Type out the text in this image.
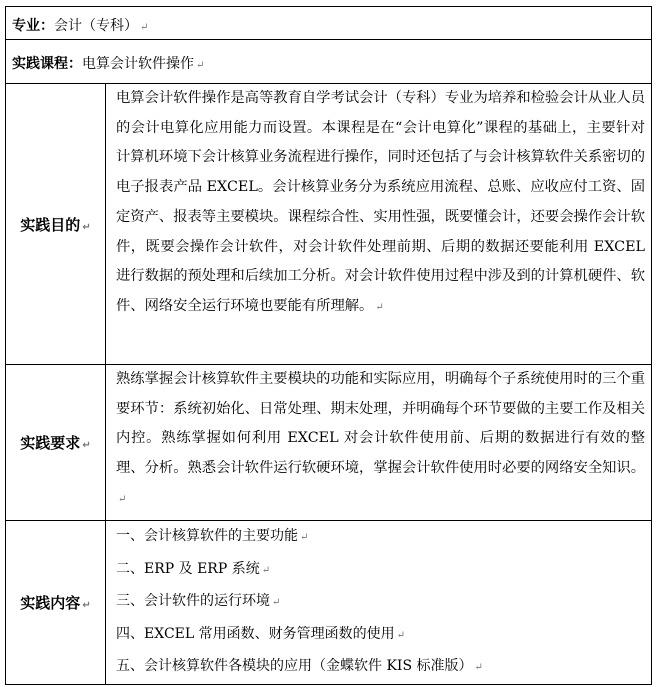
专业：会计（专科） ↵	
实践课程：电算会计软件操作 ↵	
实践目的 ↵	电算会计软件操作是高等教育自学考试会计（专科）专业为培养和检验会计从业人员的会计电算化应用能力而设置。本课程是在“会计电算化”课程的基础上，主要针对计算机环境下会计核算业务流程进行操作，同时还包括了与会计核算软件关系密切的电子报表产品 EXCEL。会计核算业务分为系统应用流程、总账、应收应付工资、固定资产、报表等主要模块。课程综合性、实用性强，既要懂会计，还要会操作会计软件，既要会操作会计软件，对会计软件处理前期、后期的数据还要能利用 EXCEL 进行数据的预处理和后续加工分析。对会计软件使用过程中涉及到的计算机硬件、软件、网络安全运行环境也要能有所理解。 ↵
实践要求 ↵	熟练掌握会计核算软件主要模块的功能和实际应用，明确每个子系统使用时的三个重要环节：系统初始化、日常处理、期末处理，并明确每个环节要做的主要工作及相关内控。熟练掌握如何利用 EXCEL 对会计软件使用前、后期的数据进行有效的整理、分析。熟悉会计软件运行软硬环境，掌握会计软件使用时必要的网络安全知识。↵
实践内容 ↵	一、会计核算软件的主要功能 ↵
二、ERP 及 ERP 系统 ↵
三、会计软件的运行环境 ↵
四、EXCEL 常用函数、财务管理函数的使用 ↵
五、会计核算软件各模块的应用（金蝶软件 KIS 标准版） ↵
